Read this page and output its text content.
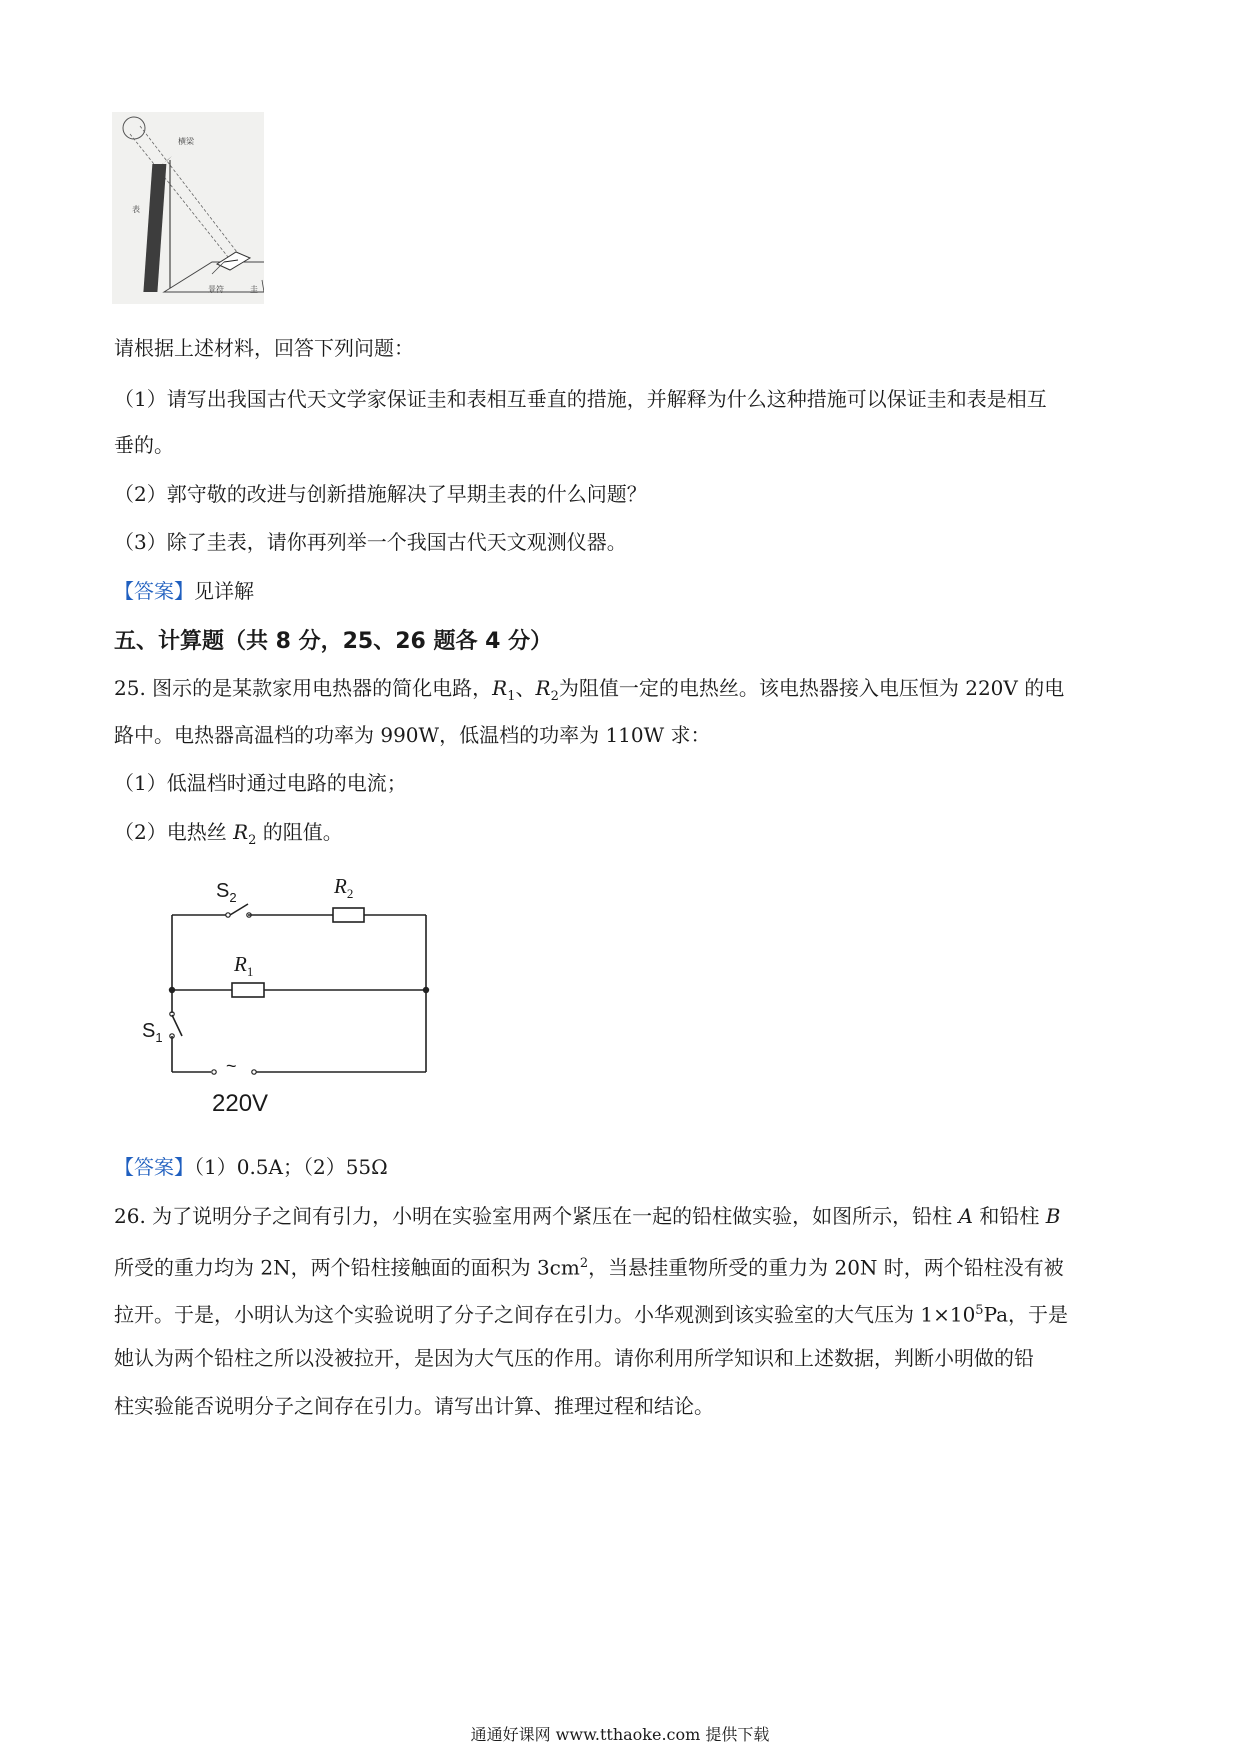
横梁
表
景符	圭
请根据上述材料，回答下列问题：
（1）请写出我国古代天文学家保证圭和表相互垂直的措施，并解释为什么这种措施可以保证圭和表是相互
垂的。
（2）郭守敬的改进与创新措施解决了早期圭表的什么问题？
（3）除了圭表，请你再列举一个我国古代天文观测仪器。
【答案】见详解
五、计算题（共 8 分，25、26 题各 4 分）
25. 图示的是某款家用电热器的简化电路，$R_1$、$R_2$为阻值一定的电热丝。该电热器接入电压恒为 220V 的电
路中。电热器高温档的功率为 990W，低温档的功率为 110W 求：
（1）低温档时通过电路的电流；
（2）电热丝 $R_2$ 的阻值。
$S_2$	$R_2$
$R_1$
$S_1$
~
220V
【答案】（1）0.5A；（2）55Ω
26. 为了说明分子之间有引力，小明在实验室用两个紧压在一起的铅柱做实验，如图所示，铅柱 A 和铅柱 B
所受的重力均为 2N，两个铅柱接触面的面积为 $3cm^2$，当悬挂重物所受的重力为 20N 时，两个铅柱没有被
拉开。于是，小明认为这个实验说明了分子之间存在引力。小华观测到该实验室的大气压为 $1\times 10^5Pa$，于是
她认为两个铅柱之所以没被拉开，是因为大气压的作用。请你利用所学知识和上述数据，判断小明做的铅
柱实验能否说明分子之间存在引力。请写出计算、推理过程和结论。
通通好课网 www.tthaoke.com 提供下载
